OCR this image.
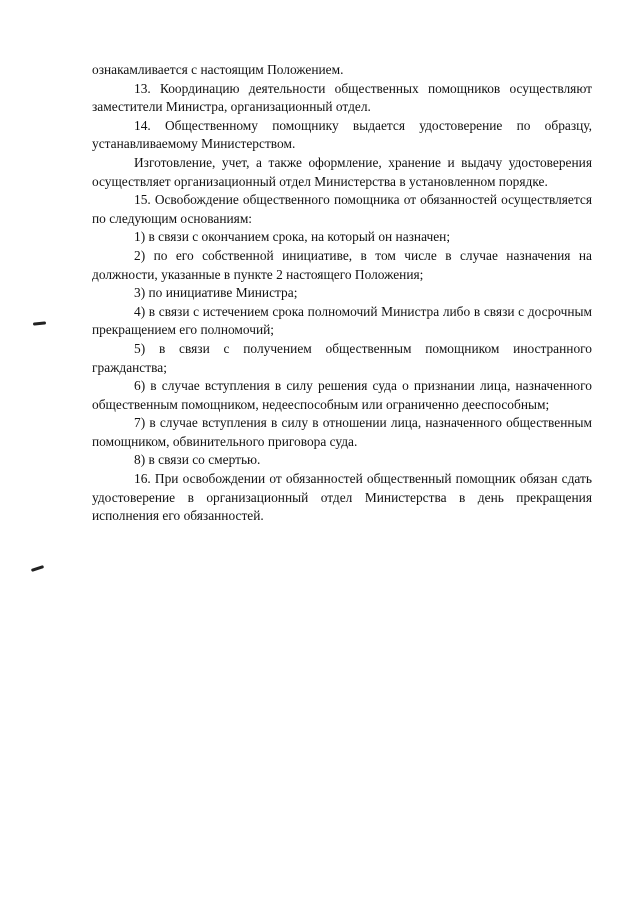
ознакамливается с настоящим Положением.

13. Координацию деятельности общественных помощников осуществляют заместители Министра, организационный отдел.

14. Общественному помощнику выдается удостоверение по образцу, устанавливаемому Министерством.

Изготовление, учет, а также оформление, хранение и выдачу удостоверения осуществляет организационный отдел Министерства в установленном порядке.

15. Освобождение общественного помощника от обязанностей осуществляется по следующим основаниям:

1) в связи с окончанием срока, на который он назначен;

2) по его собственной инициативе, в том числе в случае назначения на должности, указанные в пункте 2 настоящего Положения;

3) по инициативе Министра;

4) в связи с истечением срока полномочий Министра либо в связи с досрочным прекращением его полномочий;

5) в связи с получением общественным помощником иностранного гражданства;

6) в случае вступления в силу решения суда о признании лица, назначенного общественным помощником, недееспособным или ограниченно дееспособным;

7) в случае вступления в силу в отношении лица, назначенного общественным помощником, обвинительного приговора суда.

8) в связи со смертью.

16. При освобождении от обязанностей общественный помощник обязан сдать удостоверение в организационный отдел Министерства в день прекращения исполнения его обязанностей.
